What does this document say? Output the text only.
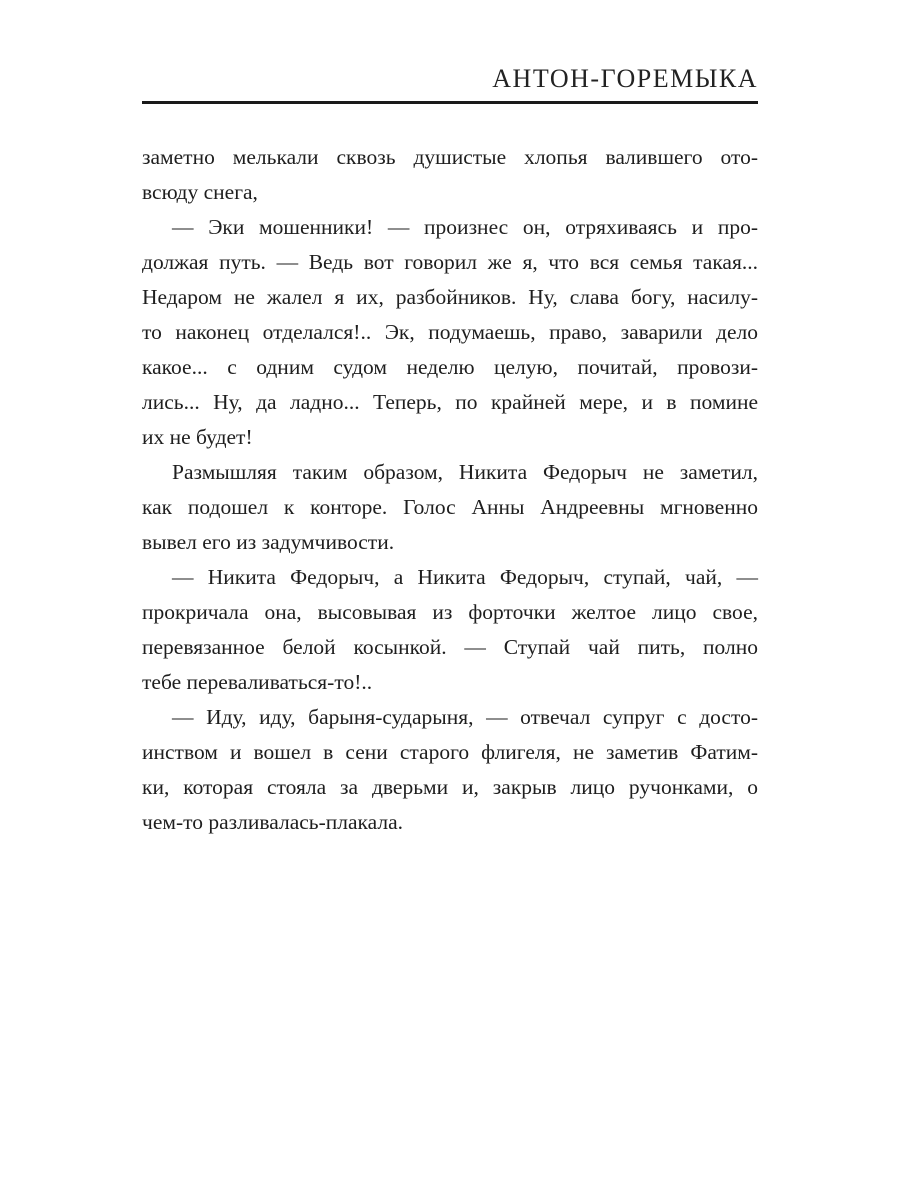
АНТОН-ГОРЕМЫКА
заметно мелькали сквозь душистые хлопья валившего ото-
всюду снега,
— Эки мошенники! — произнес он, отряхиваясь и про-
должая путь. — Ведь вот говорил же я, что вся семья такая...
Недаром не жалел я их, разбойников. Ну, слава богу, насилу-
то наконец отделался!.. Эк, подумаешь, право, заварили дело
какое... с одним судом неделю целую, почитай, провози-
лись... Ну, да ладно... Теперь, по крайней мере, и в помине
их не будет!
Размышляя таким образом, Никита Федорыч не заметил,
как подошел к конторе. Голос Анны Андреевны мгновенно
вывел его из задумчивости.
— Никита Федорыч, а Никита Федорыч, ступай, чай, —
прокричала она, высовывая из форточки желтое лицо свое,
перевязанное белой косынкой. — Ступай чай пить, полно
тебе переваливаться-то!..
— Иду, иду, барыня-сударыня, — отвечал супруг с досто-
инством и вошел в сени старого флигеля, не заметив Фатим-
ки, которая стояла за дверьми и, закрыв лицо ручонками, о
чем-то разливалась-плакала.
